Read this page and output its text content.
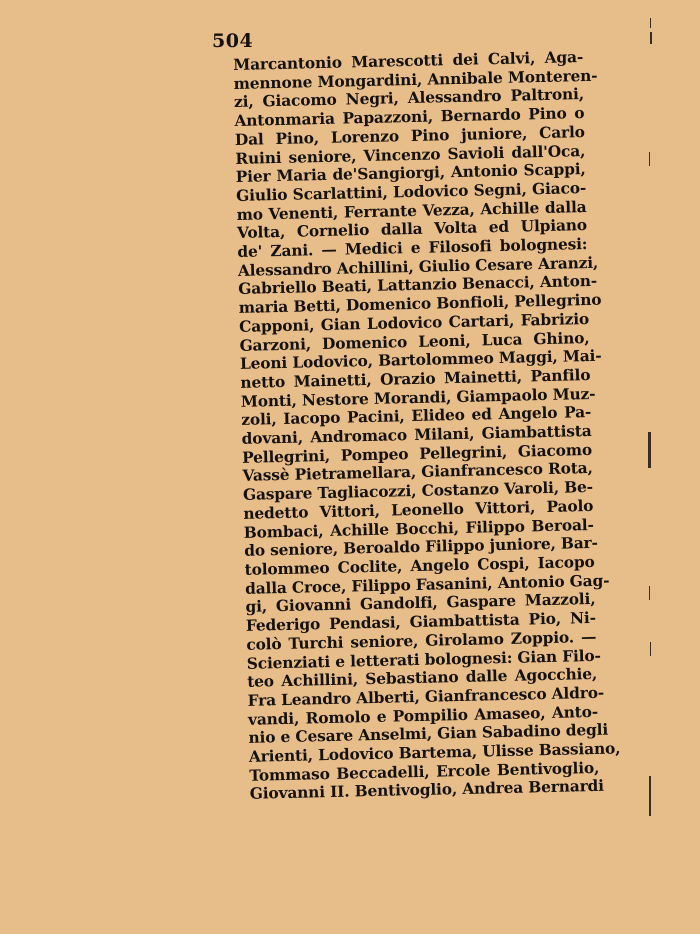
504
Marcantonio Marescotti dei Calvi, Aga-
mennone Mongardini, Annibale Monteren-
zi, Giacomo Negri, Alessandro Paltroni,
Antonmaria Papazzoni, Bernardo Pino o
Dal Pino, Lorenzo Pino juniore, Carlo
Ruini seniore, Vincenzo Savioli dall'Oca,
Pier Maria de'Sangiorgi, Antonio Scappi,
Giulio Scarlattini, Lodovico Segni, Giaco-
mo Venenti, Ferrante Vezza, Achille dalla
Volta, Cornelio dalla Volta ed Ulpiano
de' Zani. — Medici e Filosofi bolognesi:
Alessandro Achillini, Giulio Cesare Aranzi,
Gabriello Beati, Lattanzio Benacci, Anton-
maria Betti, Domenico Bonfioli, Pellegrino
Capponi, Gian Lodovico Cartari, Fabrizio
Garzoni, Domenico Leoni, Luca Ghino,
Leoni Lodovico, Bartolommeo Maggi, Mai-
netto Mainetti, Orazio Mainetti, Panfilo
Monti, Nestore Morandi, Giampaolo Muz-
zoli, Iacopo Pacini, Elideo ed Angelo Pa-
dovani, Andromaco Milani, Giambattista
Pellegrini, Pompeo Pellegrini, Giacomo
Vassè Pietramellara, Gianfrancesco Rota,
Gaspare Tagliacozzi, Costanzo Varoli, Be-
nedetto Vittori, Leonello Vittori, Paolo
Bombaci, Achille Bocchi, Filippo Beroal-
do seniore, Beroaldo Filippo juniore, Bar-
tolommeo Coclite, Angelo Cospi, Iacopo
dalla Croce, Filippo Fasanini, Antonio Gag-
gi, Giovanni Gandolfi, Gaspare Mazzoli,
Federigo Pendasi, Giambattista Pio, Ni-
colò Turchi seniore, Girolamo Zoppio. —
Scienziati e letterati bolognesi: Gian Filo-
teo Achillini, Sebastiano dalle Agocchie,
Fra Leandro Alberti, Gianfrancesco Aldro-
vandi, Romolo e Pompilio Amaseo, Anto-
nio e Cesare Anselmi, Gian Sabadino degli
Arienti, Lodovico Bartema, Ulisse Bassiano,
Tommaso Beccadelli, Ercole Bentivoglio,
Giovanni II. Bentivoglio, Andrea Bernardi
